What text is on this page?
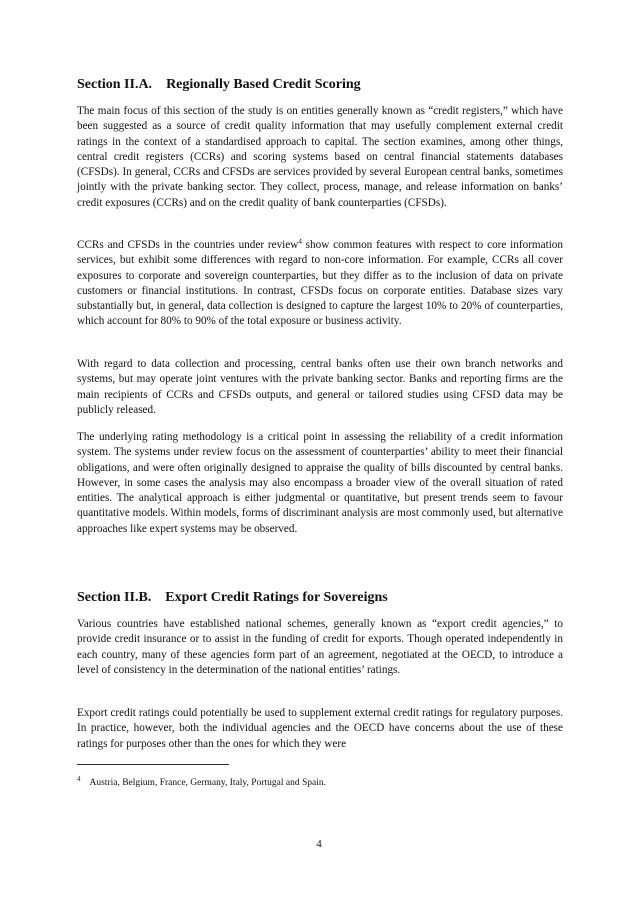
Section II.A. Regionally Based Credit Scoring

The main focus of this section of the study is on entities generally known as “credit registers,” which have been suggested as a source of credit quality information that may usefully complement external credit ratings in the context of a standardised approach to capital. The section examines, among other things, central credit registers (CCRs) and scoring systems based on central financial statements databases (CFSDs). In general, CCRs and CFSDs are services provided by several European central banks, sometimes jointly with the private banking sector. They collect, process, manage, and release information on banks’ credit exposures (CCRs) and on the credit quality of bank counterparties (CFSDs).

CCRs and CFSDs in the countries under review$^4$ show common features with respect to core information services, but exhibit some differences with regard to non-core information. For example, CCRs all cover exposures to corporate and sovereign counterparties, but they differ as to the inclusion of data on private customers or financial institutions. In contrast, CFSDs focus on corporate entities. Database sizes vary substantially but, in general, data collection is designed to capture the largest 10% to 20% of counterparties, which account for 80% to 90% of the total exposure or business activity.

With regard to data collection and processing, central banks often use their own branch networks and systems, but may operate joint ventures with the private banking sector. Banks and reporting firms are the main recipients of CCRs and CFSDs outputs, and general or tailored studies using CFSD data may be publicly released.

The underlying rating methodology is a critical point in assessing the reliability of a credit information system. The systems under review focus on the assessment of counterparties’ ability to meet their financial obligations, and were often originally designed to appraise the quality of bills discounted by central banks. However, in some cases the analysis may also encompass a broader view of the overall situation of rated entities. The analytical approach is either judgmental or quantitative, but present trends seem to favour quantitative models. Within models, forms of discriminant analysis are most commonly used, but alternative approaches like expert systems may be observed.

Section II.B. Export Credit Ratings for Sovereigns

Various countries have established national schemes, generally known as “export credit agencies,” to provide credit insurance or to assist in the funding of credit for exports. Though operated independently in each country, many of these agencies form part of an agreement, negotiated at the OECD, to introduce a level of consistency in the determination of the national entities’ ratings.

Export credit ratings could potentially be used to supplement external credit ratings for regulatory purposes. In practice, however, both the individual agencies and the OECD have concerns about the use of these ratings for purposes other than the ones for which they were

$^4$ Austria, Belgium, France, Germany, Italy, Portugal and Spain.
4
